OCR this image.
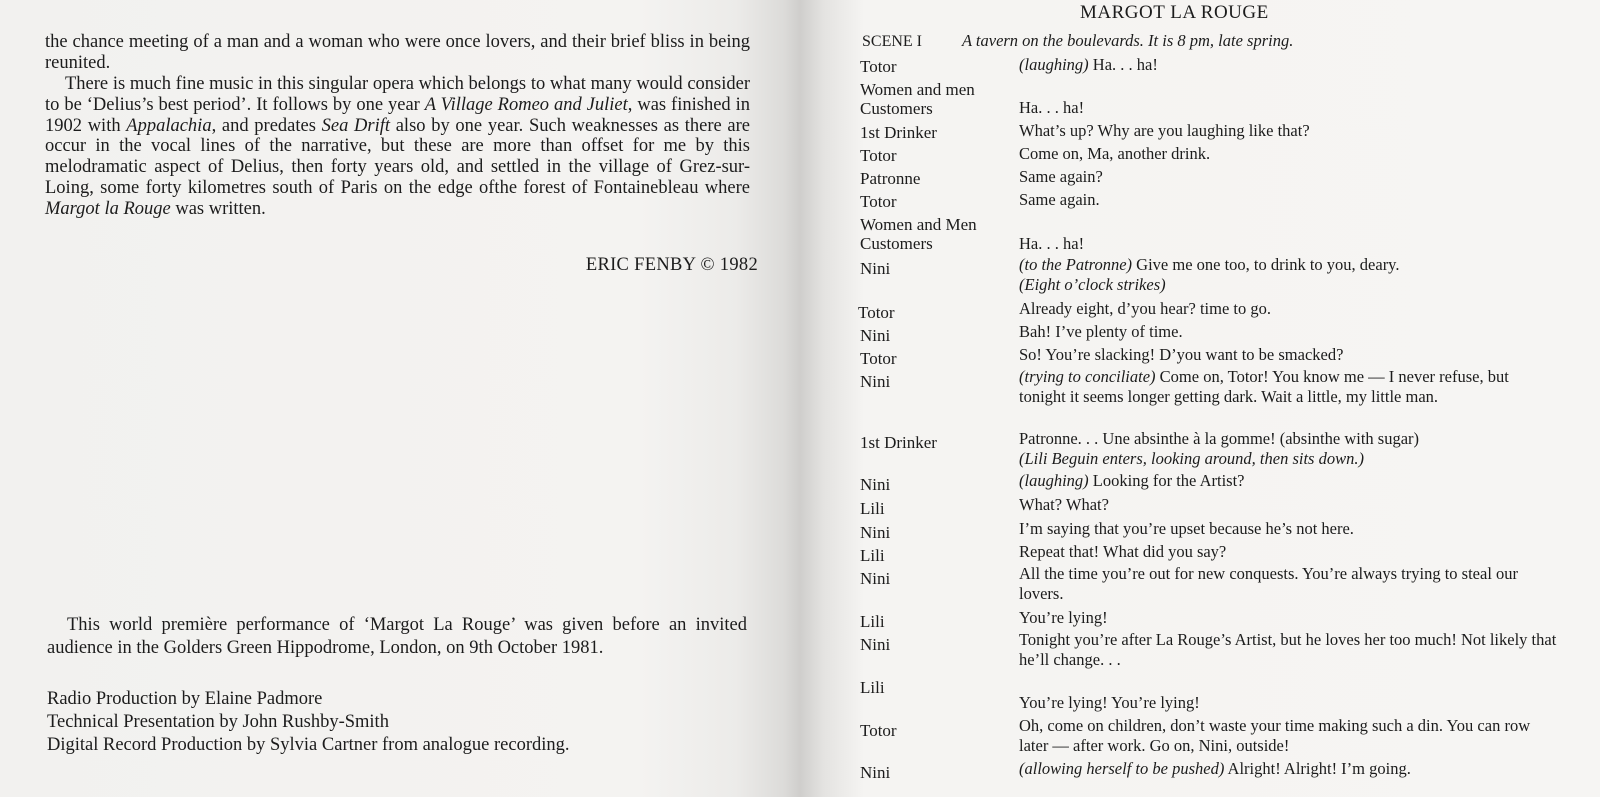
the chance meeting of a man and a woman who were once lovers, and their brief bliss in being reunited.

There is much fine music in this singular opera which belongs to what many would consider to be ‘Delius’s best period’. It follows by one year A Village Romeo and Juliet, was finished in 1902 with Appalachia, and predates Sea Drift also by one year. Such weaknesses as there are occur in the vocal lines of the narrative, but these are more than offset for me by this melodramatic aspect of Delius, then forty years old, and settled in the village of Grez-sur-Loing, some forty kilometres south of Paris on the edge ofthe forest of Fontainebleau where Margot la Rouge was written.

ERIC FENBY © 1982

This world première performance of ‘Margot La Rouge’ was given before an invited audience in the Golders Green Hippodrome, London, on 9th October 1981.

Radio Production by Elaine Padmore
Technical Presentation by John Rushby-Smith
Digital Record Production by Sylvia Cartner from analogue recording.
MARGOT LA ROUGE
SCENE I A tavern on the boulevards. It is 8 pm, late spring.
Totor
Women and men Customers
1st Drinker
Totor
Patronne
Totor
Women and Men Customers
Nini
Totor
Nini
Totor
Nini
1st Drinker
Nini
Lili
Nini
Lili
Nini
Lili
Nini
Lili
Totor
Nini
(laughing) Ha. . . ha!
Ha. . . ha!
What’s up? Why are you laughing like that?
Come on, Ma, another drink.
Same again?
Same again.
Ha. . . ha!
(to the Patronne) Give me one too, to drink to you, deary.
(Eight o’clock strikes)
Already eight, d’you hear? time to go.
Bah! I’ve plenty of time.
So! You’re slacking! D’you want to be smacked?
(trying to conciliate) Come on, Totor! You know me — I never refuse, but tonight it seems longer getting dark. Wait a little, my little man.
Patronne. . . Une absinthe à la gomme! (absinthe with sugar)
(Lili Beguin enters, looking around, then sits down.)
(laughing) Looking for the Artist?
What? What?
I’m saying that you’re upset because he’s not here.
Repeat that! What did you say?
All the time you’re out for new conquests. You’re always trying to steal our lovers.
You’re lying!
Tonight you’re after La Rouge’s Artist, but he loves her too much! Not likely that he’ll change. . .
You’re lying! You’re lying!
Oh, come on children, don’t waste your time making such a din. You can row later — after work. Go on, Nini, outside!
(allowing herself to be pushed) Alright! Alright! I’m going.
